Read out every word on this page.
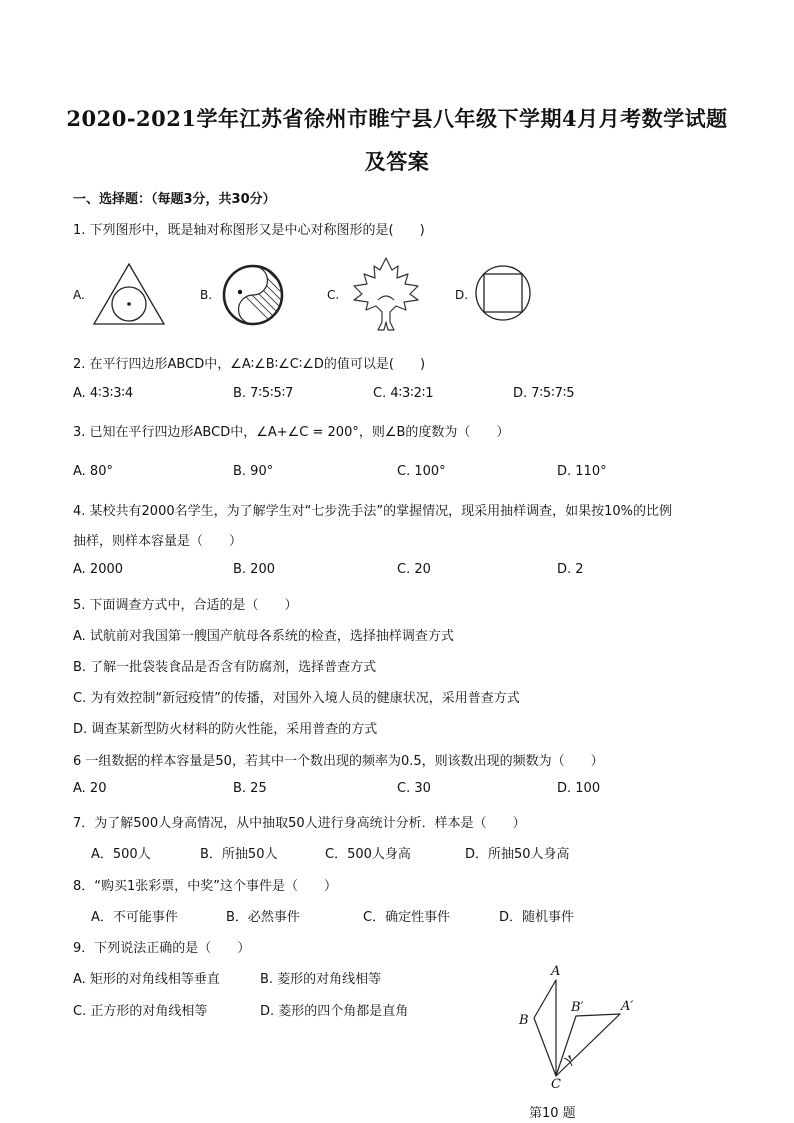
2020-2021学年江苏省徐州市睢宁县八年级下学期4月月考数学试题
及答案
一、选择题：（每题3分，共30分）
1. 下列图形中，既是轴对称图形又是中心对称图形的是(　　)
A.	B.	C.	D.
2. 在平行四边形ABCD中，∠A∶∠B∶∠C∶∠D的值可以是(　　)
A. 4∶3∶3∶4	B. 7∶5∶5∶7	C. 4∶3∶2∶1	D. 7∶5∶7∶5
3. 已知在平行四边形ABCD中，∠A+∠C = 200°，则∠B的度数为（　　）
A. 80°	B. 90°	C. 100°	D. 110°
4. 某校共有2000名学生，为了解学生对“七步洗手法”的掌握情况，现采用抽样调查，如果按10%的比例
抽样，则样本容量是（　　）
A. 2000	B. 200	C. 20	D. 2
5. 下面调查方式中，合适的是（　　）
A. 试航前对我国第一艘国产航母各系统的检查，选择抽样调查方式
B. 了解一批袋装食品是否含有防腐剂，选择普查方式
C. 为有效控制“新冠疫情”的传播，对国外入境人员的健康状况，采用普查方式
D. 调查某新型防火材料的防火性能，采用普查的方式
6 一组数据的样本容量是50，若其中一个数出现的频率为0.5，则该数出现的频数为（　　）
A. 20	B. 25	C. 30	D. 100
7．为了解500人身高情况，从中抽取50人进行身高统计分析．样本是（　　）
A．500人	B．所抽50人	C．500人身高	D．所抽50人身高
8．“购买1张彩票，中奖”这个事件是（　　）
A．不可能事件	B．必然事件	C．确定性事件	D．随机事件
9．下列说法正确的是（　　）
A. 矩形的对角线相等垂直	B. 菱形的对角线相等
C. 正方形的对角线相等	D. 菱形的四个角都是直角
A
B
C
B′	A′
第10 题
